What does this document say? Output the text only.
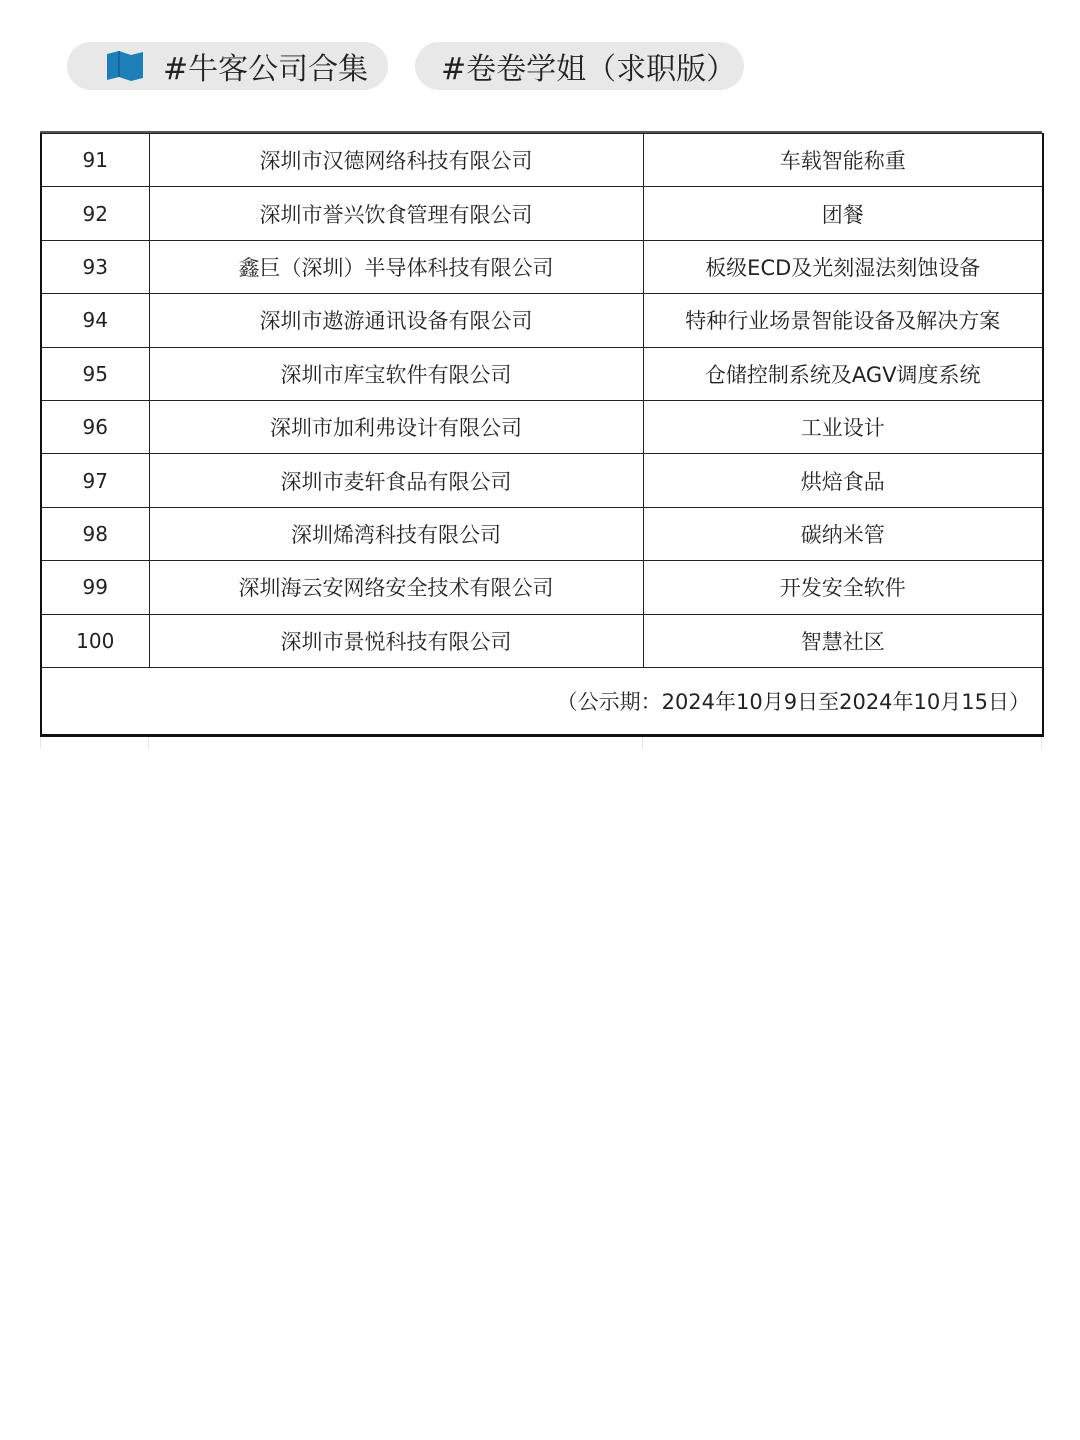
#牛客公司合集 #卷卷学姐（求职版）
91	深圳市汉德网络科技有限公司	车载智能称重
92	深圳市誉兴饮食管理有限公司	团餐
93	鑫巨（深圳）半导体科技有限公司	板级ECD及光刻湿法刻蚀设备
94	深圳市遨游通讯设备有限公司	特种行业场景智能设备及解决方案
95	深圳市库宝软件有限公司	仓储控制系统及AGV调度系统
96	深圳市加利弗设计有限公司	工业设计
97	深圳市麦轩食品有限公司	烘焙食品
98	深圳烯湾科技有限公司	碳纳米管
99	深圳海云安网络安全技术有限公司	开发安全软件
100	深圳市景悦科技有限公司	智慧社区
（公示期：2024年10月9日至2024年10月15日）		
